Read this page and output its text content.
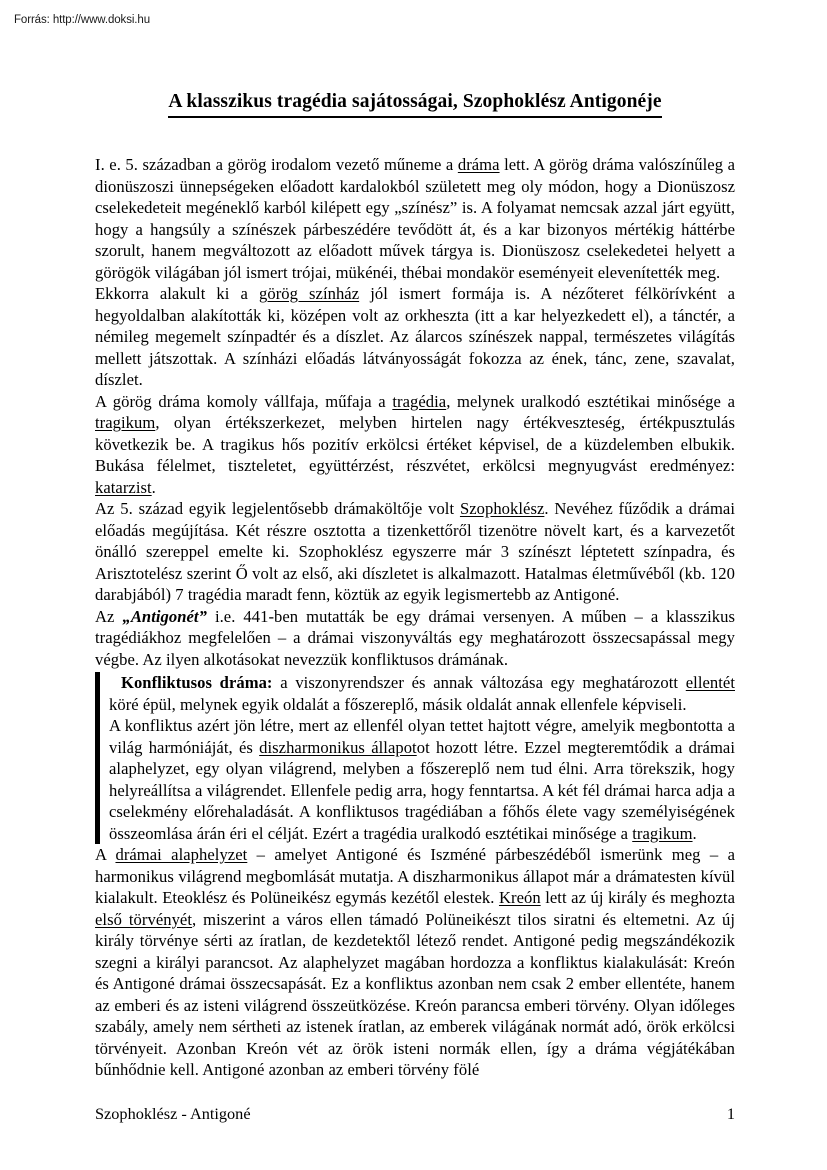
Forrás: http://www.doksi.hu
A klasszikus tragédia sajátosságai, Szophoklész Antigonéje

I. e. 5. században a görög irodalom vezető műneme a dráma lett. A görög dráma valószínűleg a dionüszoszi ünnepségeken előadott kardalokból született meg oly módon, hogy a Dionüszosz cselekedeteit megéneklő karból kilépett egy „színész” is. A folyamat nemcsak azzal járt együtt, hogy a hangsúly a színészek párbeszédére tevődött át, és a kar bizonyos mértékig háttérbe szorult, hanem megváltozott az előadott művek tárgya is. Dionüszosz cselekedetei helyett a görögök világában jól ismert trójai, mükénéi, thébai mondakör eseményeit elevenítették meg.

Ekkorra alakult ki a görög színház jól ismert formája is. A nézőteret félkörívként a hegyoldalban alakították ki, középen volt az orkheszta (itt a kar helyezkedett el), a tánctér, a némileg megemelt színpadtér és a díszlet. Az álarcos színészek nappal, természetes világítás mellett játszottak. A színházi előadás látványosságát fokozza az ének, tánc, zene, szavalat, díszlet.

A görög dráma komoly vállfaja, műfaja a tragédia, melynek uralkodó esztétikai minősége a tragikum, olyan értékszerkezet, melyben hirtelen nagy értékveszteség, értékpusztulás következik be. A tragikus hős pozitív erkölcsi értéket képvisel, de a küzdelemben elbukik. Bukása félelmet, tiszteletet, együttérzést, részvétet, erkölcsi megnyugvást eredményez: katarzist.

Az 5. század egyik legjelentősebb drámaköltője volt Szophoklész. Nevéhez fűződik a drámai előadás megújítása. Két részre osztotta a tizenkettőről tizenötre növelt kart, és a karvezetőt önálló szereppel emelte ki. Szophoklész egyszerre már 3 színészt léptetett színpadra, és Arisztotelész szerint Ő volt az első, aki díszletet is alkalmazott. Hatalmas életművéből (kb. 120 darabjából) 7 tragédia maradt fenn, köztük az egyik legismertebb az Antigoné.

Az „Antigonét” i.e. 441-ben mutatták be egy drámai versenyen. A műben – a klasszikus tragédiákhoz megfelelően – a drámai viszonyváltás egy meghatározott összecsapással megy végbe. Az ilyen alkotásokat nevezzük konfliktusos drámának.

Konfliktusos dráma: a viszonyrendszer és annak változása egy meghatározott ellentét köré épül, melynek egyik oldalát a főszereplő, másik oldalát annak ellenfele képviseli.

A konfliktus azért jön létre, mert az ellenfél olyan tettet hajtott végre, amelyik megbontotta a világ harmóniáját, és diszharmonikus állapotot hozott létre. Ezzel megteremtődik a drámai alaphelyzet, egy olyan világrend, melyben a főszereplő nem tud élni. Arra törekszik, hogy helyreállítsa a világrendet. Ellenfele pedig arra, hogy fenntartsa. A két fél drámai harca adja a cselekmény előrehaladását. A konfliktusos tragédiában a főhős élete vagy személyiségének összeomlása árán éri el célját. Ezért a tragédia uralkodó esztétikai minősége a tragikum.

A drámai alaphelyzet – amelyet Antigoné és Iszméné párbeszédéből ismerünk meg – a harmonikus világrend megbomlását mutatja. A diszharmonikus állapot már a drámatesten kívül kialakult. Eteoklész és Polüneikész egymás kezétől elestek. Kreón lett az új király és meghozta első törvényét, miszerint a város ellen támadó Polüneikészt tilos siratni és eltemetni. Az új király törvénye sérti az íratlan, de kezdetektől létező rendet. Antigoné pedig megszándékozik szegni a királyi parancsot. Az alaphelyzet magában hordozza a konfliktus kialakulását: Kreón és Antigoné drámai összecsapását. Ez a konfliktus azonban nem csak 2 ember ellentéte, hanem az emberi és az isteni világrend összeütközése. Kreón parancsa emberi törvény. Olyan időleges szabály, amely nem sértheti az istenek íratlan, az emberek világának normát adó, örök erkölcsi törvényeit. Azonban Kreón vét az örök isteni normák ellen, így a dráma végjátékában bűnhődnie kell. Antigoné azonban az emberi törvény fölé

Szophoklész - Antigoné	1
